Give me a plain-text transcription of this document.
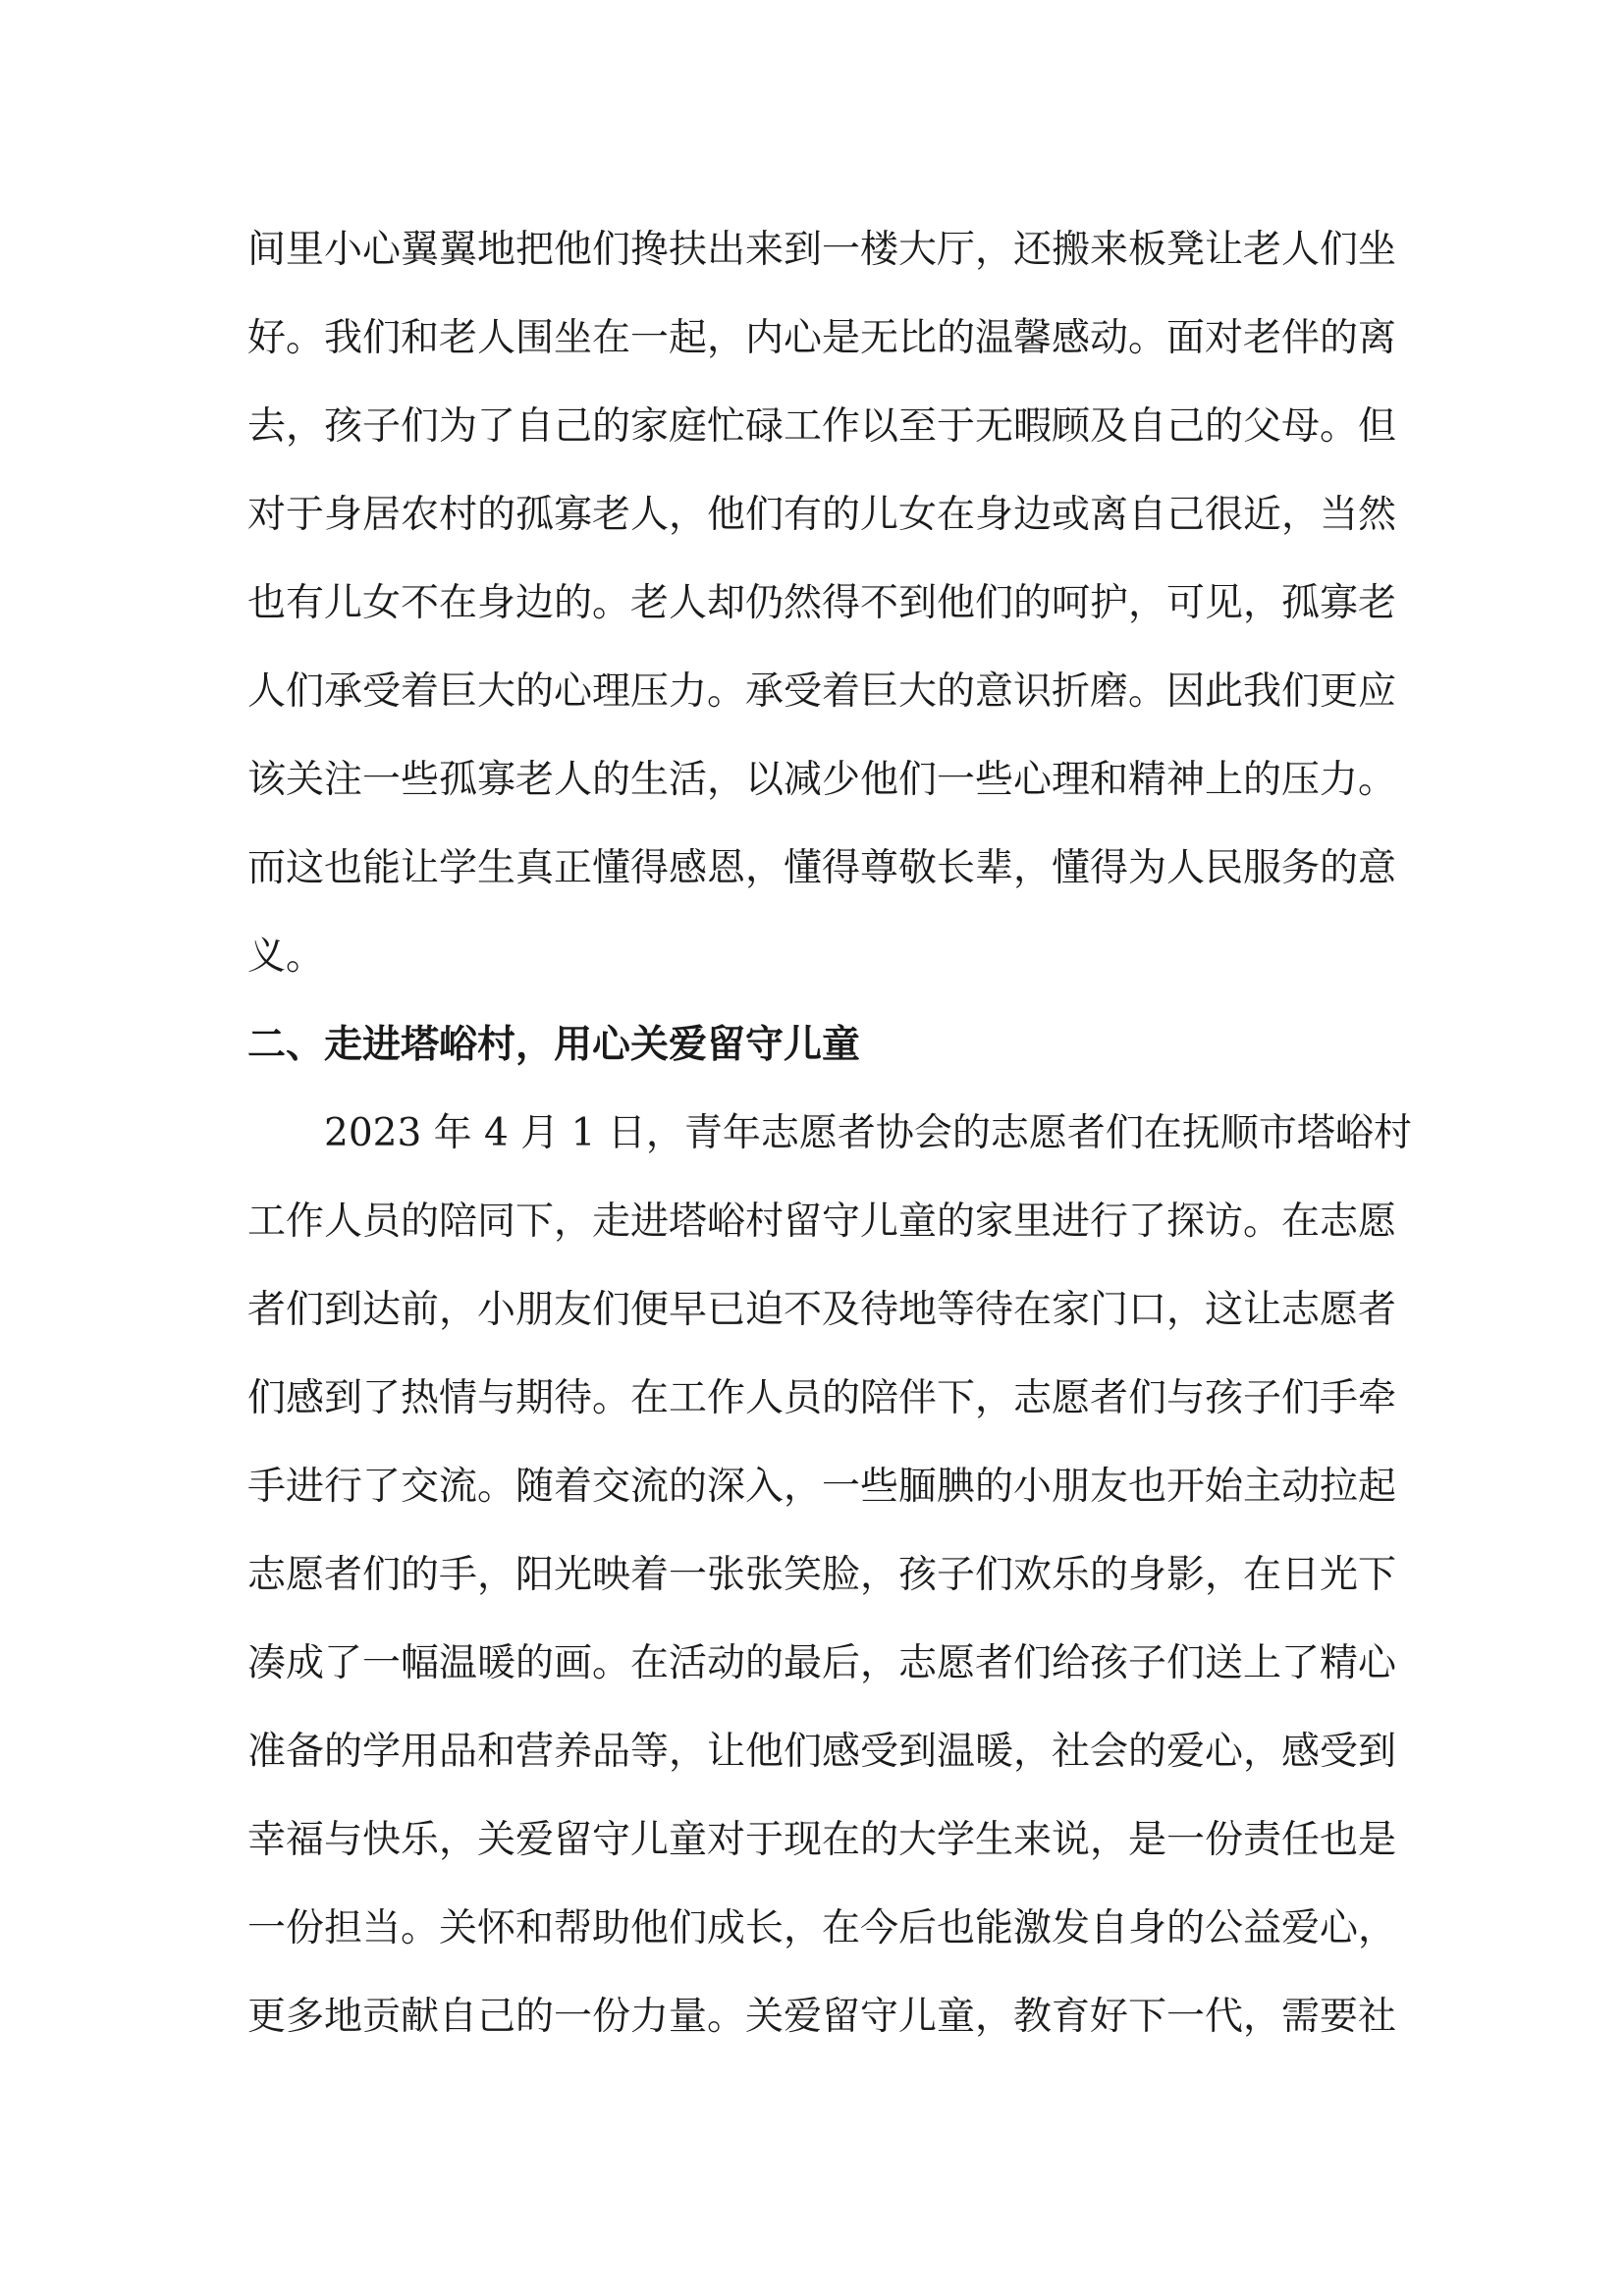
间里小心翼翼地把他们搀扶出来到一楼大厅，还搬来板凳让老人们坐
好。我们和老人围坐在一起，内心是无比的温馨感动。面对老伴的离
去，孩子们为了自己的家庭忙碌工作以至于无暇顾及自己的父母。但
对于身居农村的孤寡老人，他们有的儿女在身边或离自己很近，当然
也有儿女不在身边的。老人却仍然得不到他们的呵护，可见，孤寡老
人们承受着巨大的心理压力。承受着巨大的意识折磨。因此我们更应
该关注一些孤寡老人的生活，以减少他们一些心理和精神上的压力。
而这也能让学生真正懂得感恩，懂得尊敬长辈，懂得为人民服务的意
义。
二、走进塔峪村，用心关爱留守儿童
2023 年 4 月 1 日，青年志愿者协会的志愿者们在抚顺市塔峪村
工作人员的陪同下，走进塔峪村留守儿童的家里进行了探访。在志愿
者们到达前，小朋友们便早已迫不及待地等待在家门口，这让志愿者
们感到了热情与期待。在工作人员的陪伴下，志愿者们与孩子们手牵
手进行了交流。随着交流的深入，一些腼腆的小朋友也开始主动拉起
志愿者们的手，阳光映着一张张笑脸，孩子们欢乐的身影，在日光下
凑成了一幅温暖的画。在活动的最后，志愿者们给孩子们送上了精心
准备的学用品和营养品等，让他们感受到温暖，社会的爱心，感受到
幸福与快乐，关爱留守儿童对于现在的大学生来说，是一份责任也是
一份担当。关怀和帮助他们成长，在今后也能激发自身的公益爱心，
更多地贡献自己的一份力量。关爱留守儿童，教育好下一代，需要社
